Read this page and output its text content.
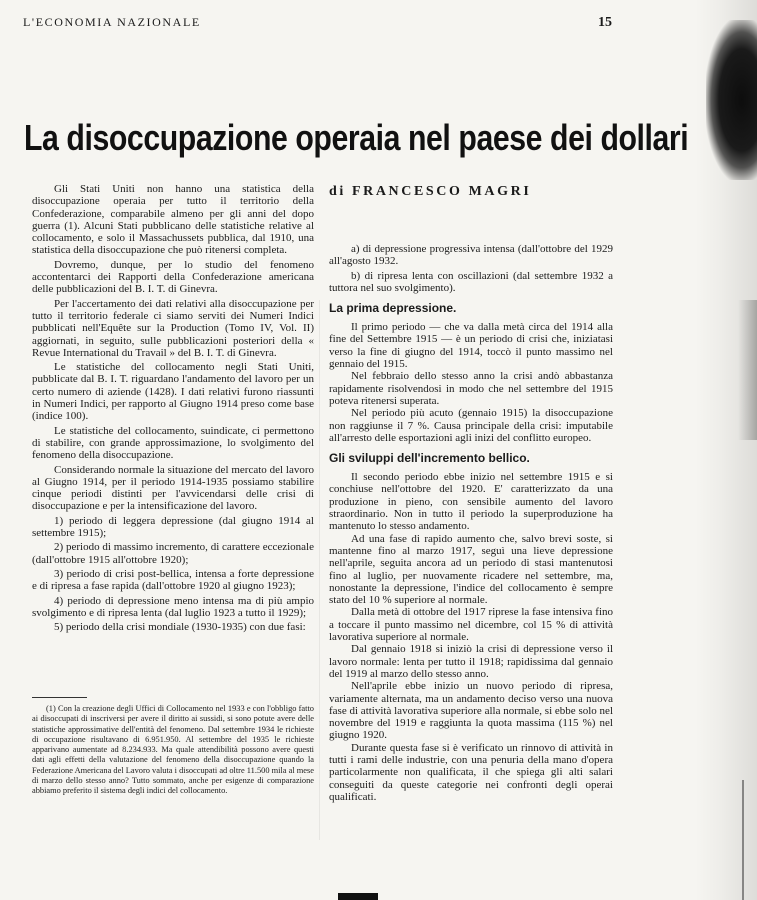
L'ECONOMIA NAZIONALE	15
La disoccupazione operaia nel paese dei dollari

Gli Stati Uniti non hanno una statistica della disoccupazione operaia per tutto il territorio della Confederazione, comparabile almeno per gli anni del dopo guerra (1). Alcuni Stati pubblicano delle statistiche relative al collocamento, e solo il Massachussets pubblica, dal 1910, una statistica della disoccupazione che può ritenersi completa.

Dovremo, dunque, per lo studio del fenomeno accontentarci dei Rapporti della Confederazione americana delle pubblicazioni del B. I. T. di Ginevra.

Per l'accertamento dei dati relativi alla disoccupazione per tutto il territorio federale ci siamo serviti dei Numeri Indici pubblicati nell'Equête sur la Production (Tomo IV, Vol. II) aggiornati, in seguito, sulle pubblicazioni posteriori della « Revue International du Travail » del B. I. T. di Ginevra.

Le statistiche del collocamento negli Stati Uniti, pubblicate dal B. I. T. riguardano l'andamento del lavoro per un certo numero di aziende (1428). I dati relativi furono riassunti in Numeri Indici, per rapporto al Giugno 1914 preso come base (indice 100).

Le statistiche del collocamento, suindicate, ci permettono di stabilire, con grande approssimazione, lo svolgimento del fenomeno della disoccupazione.

Considerando normale la situazione del mercato del lavoro al Giugno 1914, per il periodo 1914-1935 possiamo stabilire cinque periodi distinti per l'avvicendarsi delle crisi di disoccupazione e per la intensificazione del lavoro.

1) periodo di leggera depressione (dal giugno 1914 al settembre 1915);

2) periodo di massimo incremento, di carattere eccezionale (dall'ottobre 1915 all'ottobre 1920);

3) periodo di crisi post-bellica, intensa a forte depressione e di ripresa a fase rapida (dall'ottobre 1920 al giugno 1923);

4) periodo di depressione meno intensa ma di più ampio svolgimento e di ripresa lenta (dal luglio 1923 a tutto il 1929);

5) periodo della crisi mondiale (1930-1935) con due fasi:

(1) Con la creazione degli Uffici di Collocamento nel 1933 e con l'obbligo fatto ai disoccupati di inscriversi per avere il diritto ai sussidi, si sono potute avere delle statistiche approssimative dell'entità del fenomeno. Dal settembre 1934 le richieste di occupazione risultavano di 6.951.950. Al settembre del 1935 le richieste apparivano aumentate ad 8.234.933. Ma quale attendibilità possono avere questi dati agli effetti della valutazione del fenomeno della disoccupazione quando la Federazione Americana del Lavoro valuta i disoccupati ad oltre 11.500 mila al mese di marzo dello stesso anno? Tutto sommato, anche per esigenze di comparazione abbiamo preferito il sistema degli indici del collocamento.

di FRANCESCO MAGRI

a) di depressione progressiva intensa (dall'ottobre del 1929 all'agosto 1932.

b) di ripresa lenta con oscillazioni (dal settembre 1932 a tuttora nel suo svolgimento).

La prima depressione.

Il primo periodo — che va dalla metà circa del 1914 alla fine del Settembre 1915 — è un periodo di crisi che, iniziatasi verso la fine di giugno del 1914, toccò il punto massimo nel gennaio del 1915.

Nel febbraio dello stesso anno la crisi andò abbastanza rapidamente risolvendosi in modo che nel settembre del 1915 poteva ritenersi superata.

Nel periodo più acuto (gennaio 1915) la disoccupazione non raggiunse il 7 %. Causa principale della crisi: imputabile all'arresto delle esportazioni agli inizi del conflitto europeo.

Gli sviluppi dell'incremento bellico.

Il secondo periodo ebbe inizio nel settembre 1915 e si conchiuse nell'ottobre del 1920. E' caratterizzato da una produzione in pieno, con sensibile aumento del lavoro straordinario. Non in tutto il periodo la superproduzione ha mantenuto lo stesso andamento.

Ad una fase di rapido aumento che, salvo brevi soste, si mantenne fino al marzo 1917, seguì una lieve depressione nell'aprile, seguita ancora ad un periodo di stasi mantenutosi fino al luglio, per nuovamente ricadere nel settembre, ma, nonostante la depressione, l'indice del collocamento è sempre stato del 10 % superiore al normale.

Dalla metà di ottobre del 1917 riprese la fase intensiva fino a toccare il punto massimo nel dicembre, col 15 % di attività lavorativa superiore al normale.

Dal gennaio 1918 si iniziò la crisi di depressione verso il lavoro normale: lenta per tutto il 1918; rapidissima dal gennaio del 1919 al marzo dello stesso anno.

Nell'aprile ebbe inizio un nuovo periodo di ripresa, variamente alternata, ma un andamento deciso verso una nuova fase di attività lavorativa superiore alla normale, si ebbe solo nel novembre del 1919 e raggiunta la quota massima (115 %) nel giugno 1920.

Durante questa fase si è verificato un rinnovo di attività in tutti i rami delle industrie, con una penuria della mano d'opera particolarmente non qualificata, il che spiega gli alti salari conseguiti da queste categorie nei confronti degli operai qualificati.
